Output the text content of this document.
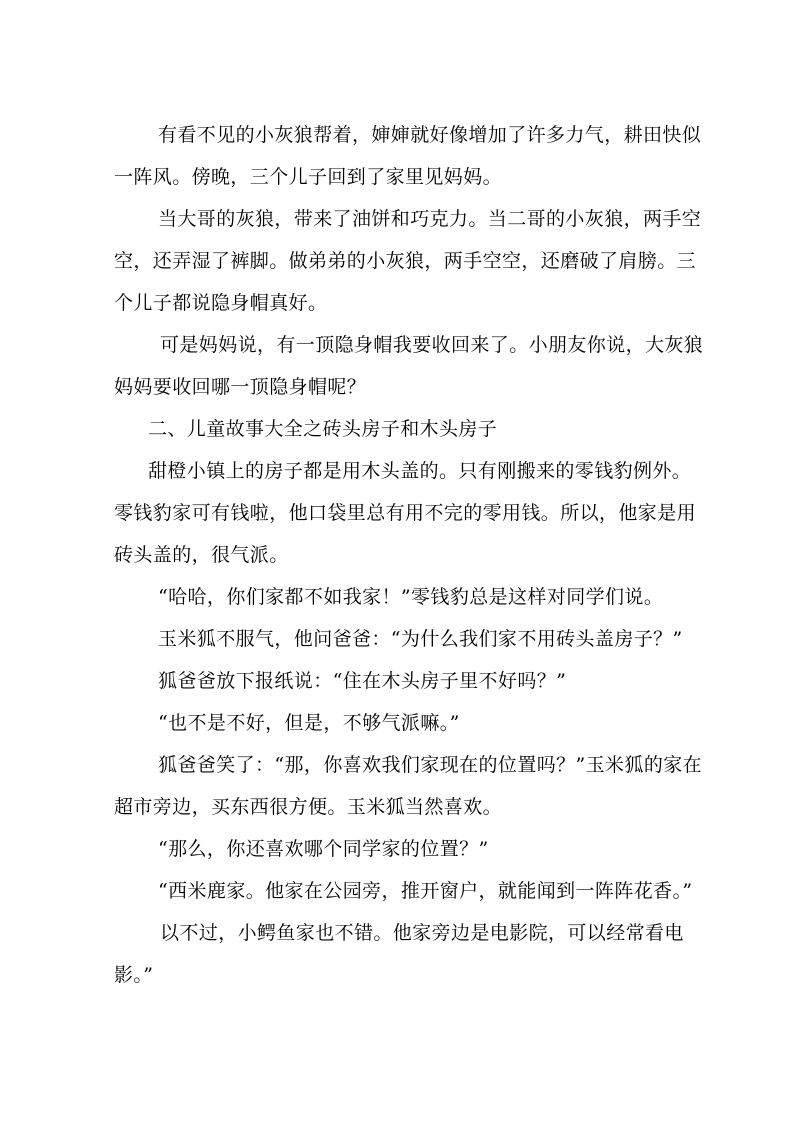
有看不见的小灰狼帮着，婶婶就好像增加了许多力气，耕田快似
一阵风。傍晚，三个儿子回到了家里见妈妈。

当大哥的灰狼，带来了油饼和巧克力。当二哥的小灰狼，两手空
空，还弄湿了裤脚。做弟弟的小灰狼，两手空空，还磨破了肩膀。三
个儿子都说隐身帽真好。

可是妈妈说，有一顶隐身帽我要收回来了。小朋友你说，大灰狼
妈妈要收回哪一顶隐身帽呢？

二、儿童故事大全之砖头房子和木头房子

甜橙小镇上的房子都是用木头盖的。只有刚搬来的零钱豹例外。
零钱豹家可有钱啦，他口袋里总有用不完的零用钱。所以，他家是用
砖头盖的，很气派。

“哈哈，你们家都不如我家！”零钱豹总是这样对同学们说。

玉米狐不服气，他问爸爸：“为什么我们家不用砖头盖房子？”

狐爸爸放下报纸说：“住在木头房子里不好吗？”

“也不是不好，但是，不够气派嘛。”

狐爸爸笑了：“那，你喜欢我们家现在的位置吗？”玉米狐的家在
超市旁边，买东西很方便。玉米狐当然喜欢。

“那么，你还喜欢哪个同学家的位置？”

“西米鹿家。他家在公园旁，推开窗户，就能闻到一阵阵花香。”

以不过，小鳄鱼家也不错。他家旁边是电影院，可以经常看电
影。”
